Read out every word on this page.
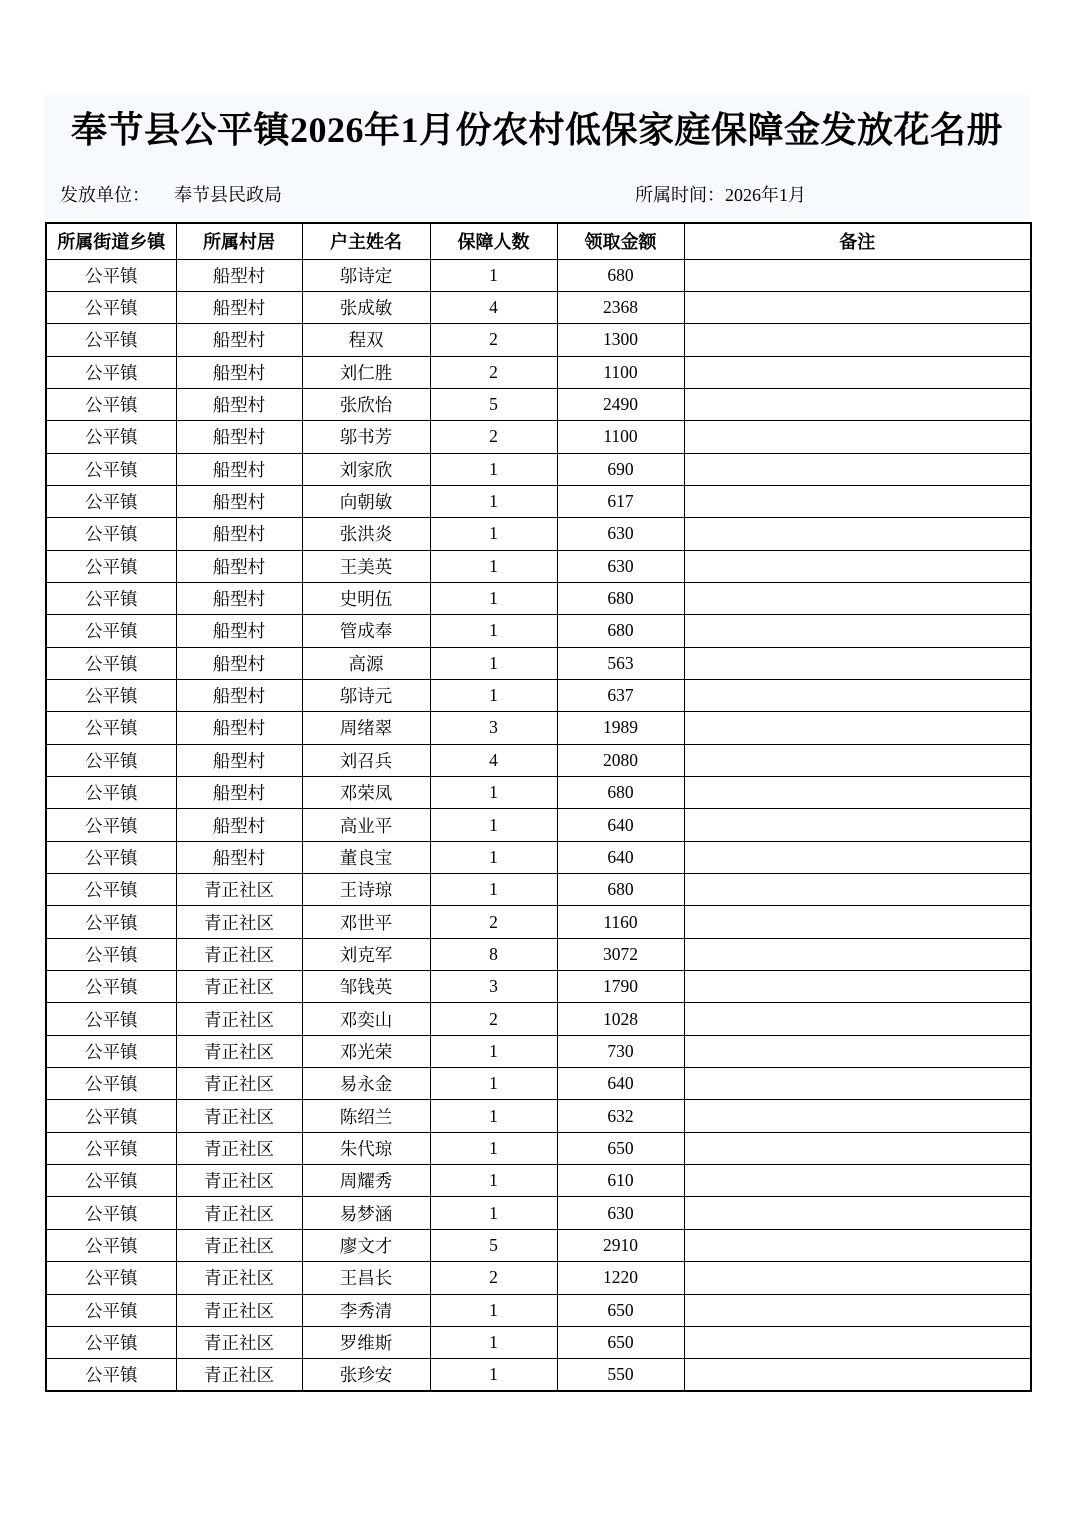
奉节县公平镇2026年1月份农村低保家庭保障金发放花名册
发放单位： 奉节县民政局	所属时间：2026年1月
所属街道乡镇	所属村居	户主姓名	保障人数	领取金额	备注
公平镇	船型村	邬诗定	1	680	
公平镇	船型村	张成敏	4	2368	
公平镇	船型村	程双	2	1300	
公平镇	船型村	刘仁胜	2	1100	
公平镇	船型村	张欣怡	5	2490	
公平镇	船型村	邬书芳	2	1100	
公平镇	船型村	刘家欣	1	690	
公平镇	船型村	向朝敏	1	617	
公平镇	船型村	张洪炎	1	630	
公平镇	船型村	王美英	1	630	
公平镇	船型村	史明伍	1	680	
公平镇	船型村	管成奉	1	680	
公平镇	船型村	高源	1	563	
公平镇	船型村	邬诗元	1	637	
公平镇	船型村	周绪翠	3	1989	
公平镇	船型村	刘召兵	4	2080	
公平镇	船型村	邓荣凤	1	680	
公平镇	船型村	高业平	1	640	
公平镇	船型村	董良宝	1	640	
公平镇	青正社区	王诗琼	1	680	
公平镇	青正社区	邓世平	2	1160	
公平镇	青正社区	刘克军	8	3072	
公平镇	青正社区	邹钱英	3	1790	
公平镇	青正社区	邓奕山	2	1028	
公平镇	青正社区	邓光荣	1	730	
公平镇	青正社区	易永金	1	640	
公平镇	青正社区	陈绍兰	1	632	
公平镇	青正社区	朱代琼	1	650	
公平镇	青正社区	周耀秀	1	610	
公平镇	青正社区	易梦涵	1	630	
公平镇	青正社区	廖文才	5	2910	
公平镇	青正社区	王昌长	2	1220	
公平镇	青正社区	李秀清	1	650	
公平镇	青正社区	罗维斯	1	650	
公平镇	青正社区	张珍安	1	550	
